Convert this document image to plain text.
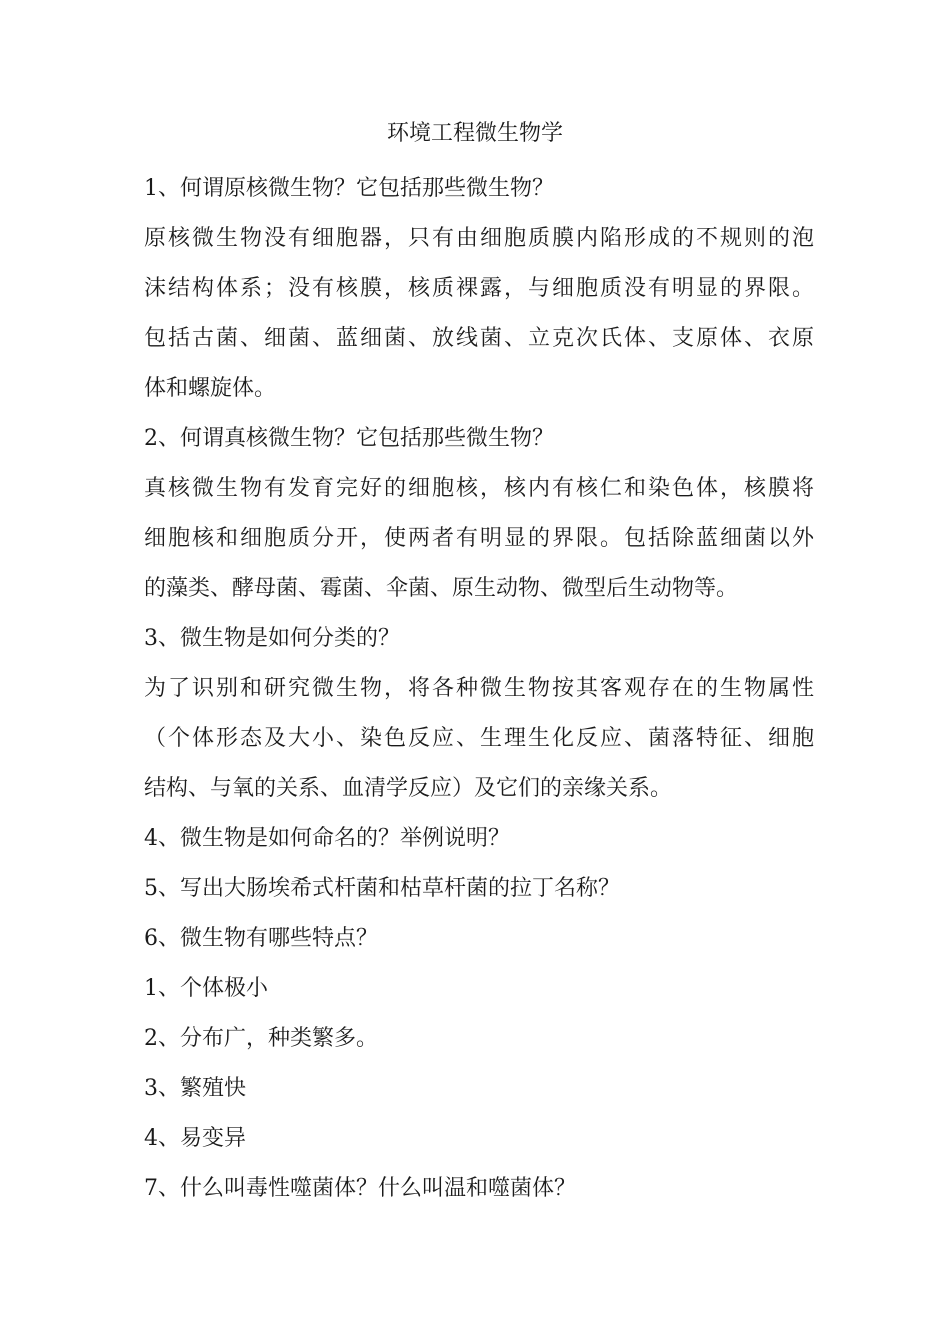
环境工程微生物学
1、何谓原核微生物？它包括那些微生物？
原核微生物没有细胞器，只有由细胞质膜内陷形成的不规则的泡
沫结构体系；没有核膜，核质裸露，与细胞质没有明显的界限。
包括古菌、细菌、蓝细菌、放线菌、立克次氏体、支原体、衣原
体和螺旋体。
2、何谓真核微生物？它包括那些微生物？
真核微生物有发育完好的细胞核，核内有核仁和染色体，核膜将
细胞核和细胞质分开，使两者有明显的界限。包括除蓝细菌以外
的藻类、酵母菌、霉菌、伞菌、原生动物、微型后生动物等。
3、微生物是如何分类的？
为了识别和研究微生物，将各种微生物按其客观存在的生物属性
（个体形态及大小、染色反应、生理生化反应、菌落特征、细胞
结构、与氧的关系、血清学反应）及它们的亲缘关系。
4、微生物是如何命名的？举例说明？
5、写出大肠埃希式杆菌和枯草杆菌的拉丁名称？
6、微生物有哪些特点？
1、个体极小
2、分布广，种类繁多。
3、繁殖快
4、易变异
7、什么叫毒性噬菌体？什么叫温和噬菌体？
